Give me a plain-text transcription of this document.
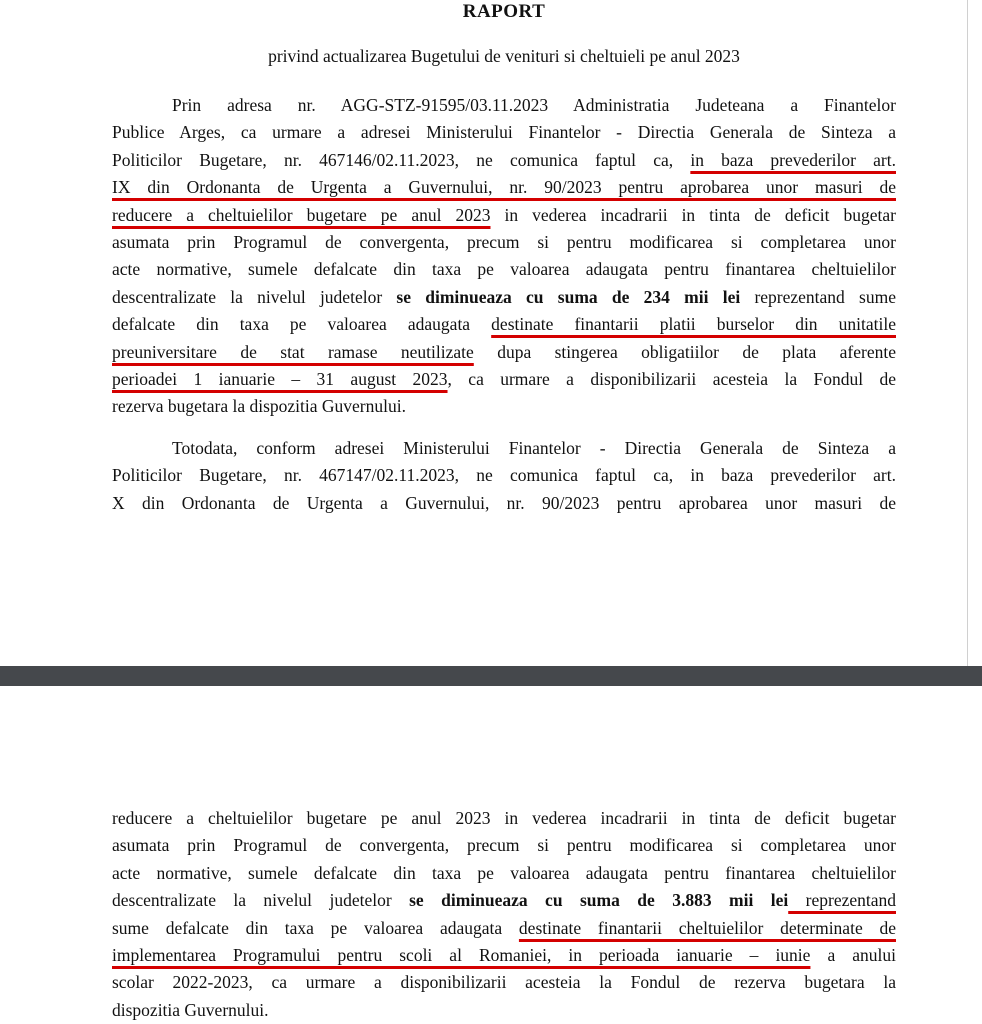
RAPORT
privind actualizarea Bugetului de venituri si cheltuieli pe anul 2023
Prin adresa nr. AGG-STZ-91595/03.11.2023 Administratia Judeteana a Finantelor
Publice Arges, ca urmare a adresei Ministerului Finantelor - Directia Generala de Sinteza a
Politicilor Bugetare, nr. 467146/02.11.2023, ne comunica faptul ca, in baza prevederilor art.
IX din Ordonanta de Urgenta a Guvernului, nr. 90/2023 pentru aprobarea unor masuri de
reducere a cheltuielilor bugetare pe anul 2023 in vederea incadrarii in tinta de deficit bugetar
asumata prin Programul de convergenta, precum si pentru modificarea si completarea unor
acte normative, sumele defalcate din taxa pe valoarea adaugata pentru finantarea cheltuielilor
descentralizate la nivelul judetelor se diminueaza cu suma de 234 mii lei reprezentand sume
defalcate din taxa pe valoarea adaugata destinate finantarii platii burselor din unitatile
preuniversitare de stat ramase neutilizate dupa stingerea obligatiilor de plata aferente
perioadei 1 ianuarie – 31 august 2023, ca urmare a disponibilizarii acesteia la Fondul de
rezerva bugetara la dispozitia Guvernului.
Totodata, conform adresei Ministerului Finantelor - Directia Generala de Sinteza a
Politicilor Bugetare, nr. 467147/02.11.2023, ne comunica faptul ca, in baza prevederilor art.
X din Ordonanta de Urgenta a Guvernului, nr. 90/2023 pentru aprobarea unor masuri de
reducere a cheltuielilor bugetare pe anul 2023 in vederea incadrarii in tinta de deficit bugetar
asumata prin Programul de convergenta, precum si pentru modificarea si completarea unor
acte normative, sumele defalcate din taxa pe valoarea adaugata pentru finantarea cheltuielilor
descentralizate la nivelul judetelor se diminueaza cu suma de 3.883 mii lei reprezentand
sume defalcate din taxa pe valoarea adaugata destinate finantarii cheltuielilor determinate de
implementarea Programului pentru scoli al Romaniei, in perioada ianuarie – iunie a anului
scolar 2022-2023, ca urmare a disponibilizarii acesteia la Fondul de rezerva bugetara la
dispozitia Guvernului.
